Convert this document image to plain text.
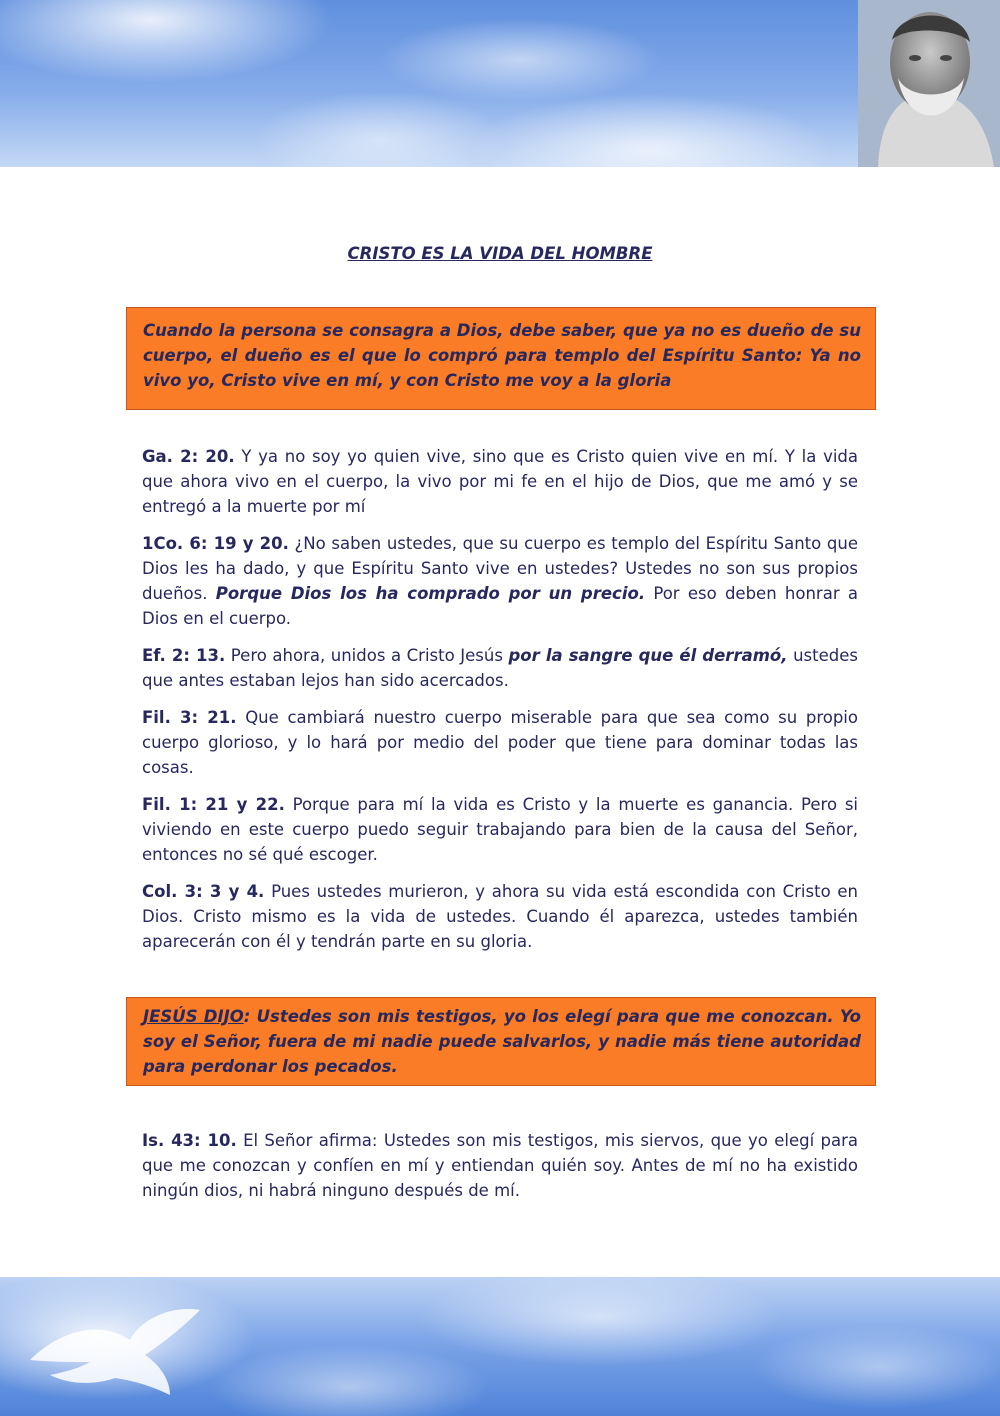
CRISTO ES LA VIDA DEL HOMBRE
Cuando la persona se consagra a Dios, debe saber, que ya no es dueño de su cuerpo, el dueño es el que lo compró para templo del Espíritu Santo: Ya no vivo yo, Cristo vive en mí, y con Cristo me voy a la gloria
Ga. 2: 20. Y ya no soy yo quien vive, sino que es Cristo quien vive en mí. Y la vida que ahora vivo en el cuerpo, la vivo por mi fe en el hijo de Dios, que me amó y se entregó a la muerte por mí
1Co. 6: 19 y 20. ¿No saben ustedes, que su cuerpo es templo del Espíritu Santo que Dios les ha dado, y que Espíritu Santo vive en ustedes? Ustedes no son sus propios dueños. Porque Dios los ha comprado por un precio. Por eso deben honrar a Dios en el cuerpo.
Ef. 2: 13. Pero ahora, unidos a Cristo Jesús por la sangre que él derramó, ustedes que antes estaban lejos han sido acercados.
Fil. 3: 21. Que cambiará nuestro cuerpo miserable para que sea como su propio cuerpo glorioso, y lo hará por medio del poder que tiene para dominar todas las cosas.
Fil. 1: 21 y 22. Porque para mí la vida es Cristo y la muerte es ganancia. Pero si viviendo en este cuerpo puedo seguir trabajando para bien de la causa del Señor, entonces no sé qué escoger.
Col. 3: 3 y 4. Pues ustedes murieron, y ahora su vida está escondida con Cristo en Dios. Cristo mismo es la vida de ustedes. Cuando él aparezca, ustedes también aparecerán con él y tendrán parte en su gloria.
JESÚS DIJO: Ustedes son mis testigos, yo los elegí para que me conozcan. Yo soy el Señor, fuera de mi nadie puede salvarlos, y nadie más tiene autoridad para perdonar los pecados.
Is. 43: 10. El Señor afirma: Ustedes son mis testigos, mis siervos, que yo elegí para que me conozcan y confíen en mí y entiendan quién soy. Antes de mí no ha existido ningún dios, ni habrá ninguno después de mí.
